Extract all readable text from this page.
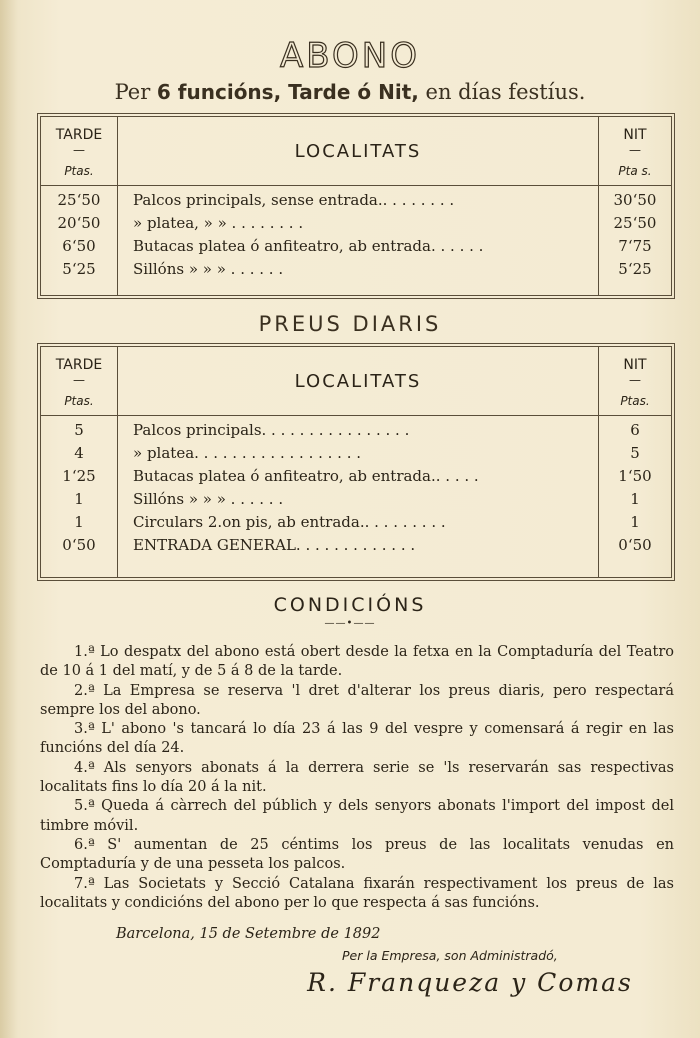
ABONO
Per 6 funcións, Tarde ó Nit, en días festíus.
TARDE
—
Ptas.
LOCALITATS
NIT
—
Pta s.
25‘50	Palcos principals, sense entrada.. . . . . . . .	30‘50
20‘50	» platea, » » . . . . . . . .	25‘50
6‘50	Butacas platea ó anfiteatro, ab entrada. . . . . .	7‘75
5‘25	Sillóns » » » . . . . . .	5‘25
PREUS DIARIS
TARDE
—
Ptas.
LOCALITATS
NIT
—
Ptas.
5	Palcos principals. . . . . . . . . . . . . . . .	6
4	» platea. . . . . . . . . . . . . . . . . .	5
1‘25	Butacas platea ó anfiteatro, ab entrada.. . . . .	1‘50
1	Sillóns » » » . . . . . .	1
1	Circulars 2.on pis, ab entrada.. . . . . . . . .	1
0‘50	ENTRADA GENERAL. . . . . . . . . . . . .	0‘50
CONDICIÓNS
——•——

1.ª Lo despatx del abono está obert desde la fetxa en la Comptaduría del Teatro de 10 á 1 del matí, y de 5 á 8 de la tarde.

2.ª La Empresa se reserva 'l dret d'alterar los preus diaris, pero respectará sempre los del abono.

3.ª L' abono 's tancará lo día 23 á las 9 del vespre y comensará á regir en las funcións del día 24.

4.ª Als senyors abonats á la derrera serie se 'ls reservarán sas respectivas localitats fins lo día 20 á la nit.

5.ª Queda á càrrech del públich y dels senyors abonats l'import del impost del timbre móvil.

6.ª S' aumentan de 25 céntims los preus de las localitats venudas en Comptaduría y de una pesseta los palcos.

7.ª Las Societats y Secció Catalana fixarán respectivament los preus de las localitats y condicións del abono per lo que respecta á sas funcións.

Barcelona, 15 de Setembre de 1892
Per la Empresa, son Administradó,
R. Franqueza y Comas
